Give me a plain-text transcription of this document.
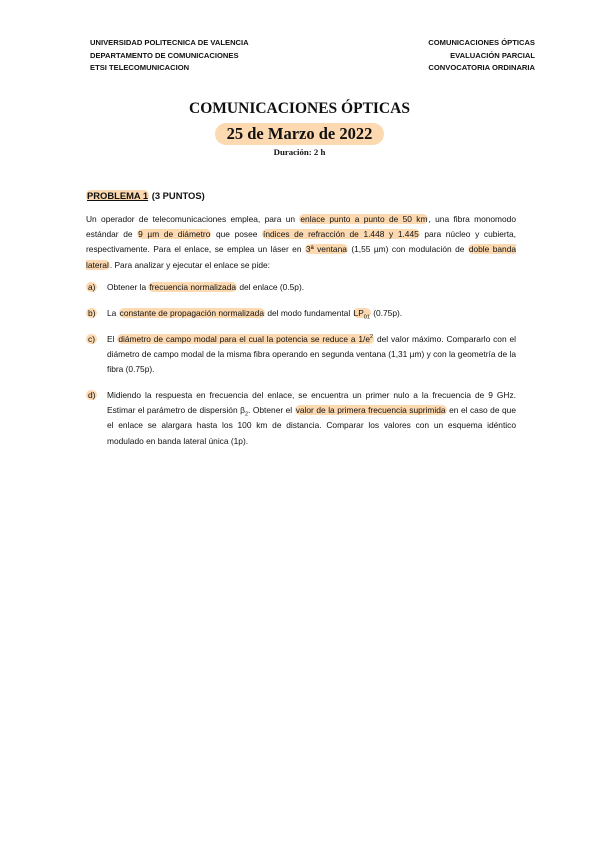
UNIVERSIDAD POLITECNICA DE VALENCIA
DEPARTAMENTO DE COMUNICACIONES
ETSI TELECOMUNICACION
COMUNICACIONES ÓPTICAS
EVALUACIÓN PARCIAL
CONVOCATORIA ORDINARIA
COMUNICACIONES ÓPTICAS
25 de Marzo de 2022
Duración: 2 h
PROBLEMA 1 (3 PUNTOS)
Un operador de telecomunicaciones emplea, para un enlace punto a punto de 50 km, una fibra monomodo estándar de 9 µm de diámetro que posee índices de refracción de 1.448 y 1.445 para núcleo y cubierta, respectivamente. Para el enlace, se emplea un láser en 3ª ventana (1,55 µm) con modulación de doble banda lateral. Para analizar y ejecutar el enlace se pide:
a) Obtener la frecuencia normalizada del enlace (0.5p).
b) La constante de propagación normalizada del modo fundamental $LP_{01}$ (0.75p).
c) El diámetro de campo modal para el cual la potencia se reduce a $1/e^2$ del valor máximo. Compararlo con el diámetro de campo modal de la misma fibra operando en segunda ventana (1,31 µm) y con la geometría de la fibra (0.75p).
d) Midiendo la respuesta en frecuencia del enlace, se encuentra un primer nulo a la frecuencia de 9 GHz. Estimar el parámetro de dispersión $\beta_2$. Obtener el valor de la primera frecuencia suprimida en el caso de que el enlace se alargara hasta los 100 km de distancia. Comparar los valores con un esquema idéntico modulado en banda lateral única (1p).
